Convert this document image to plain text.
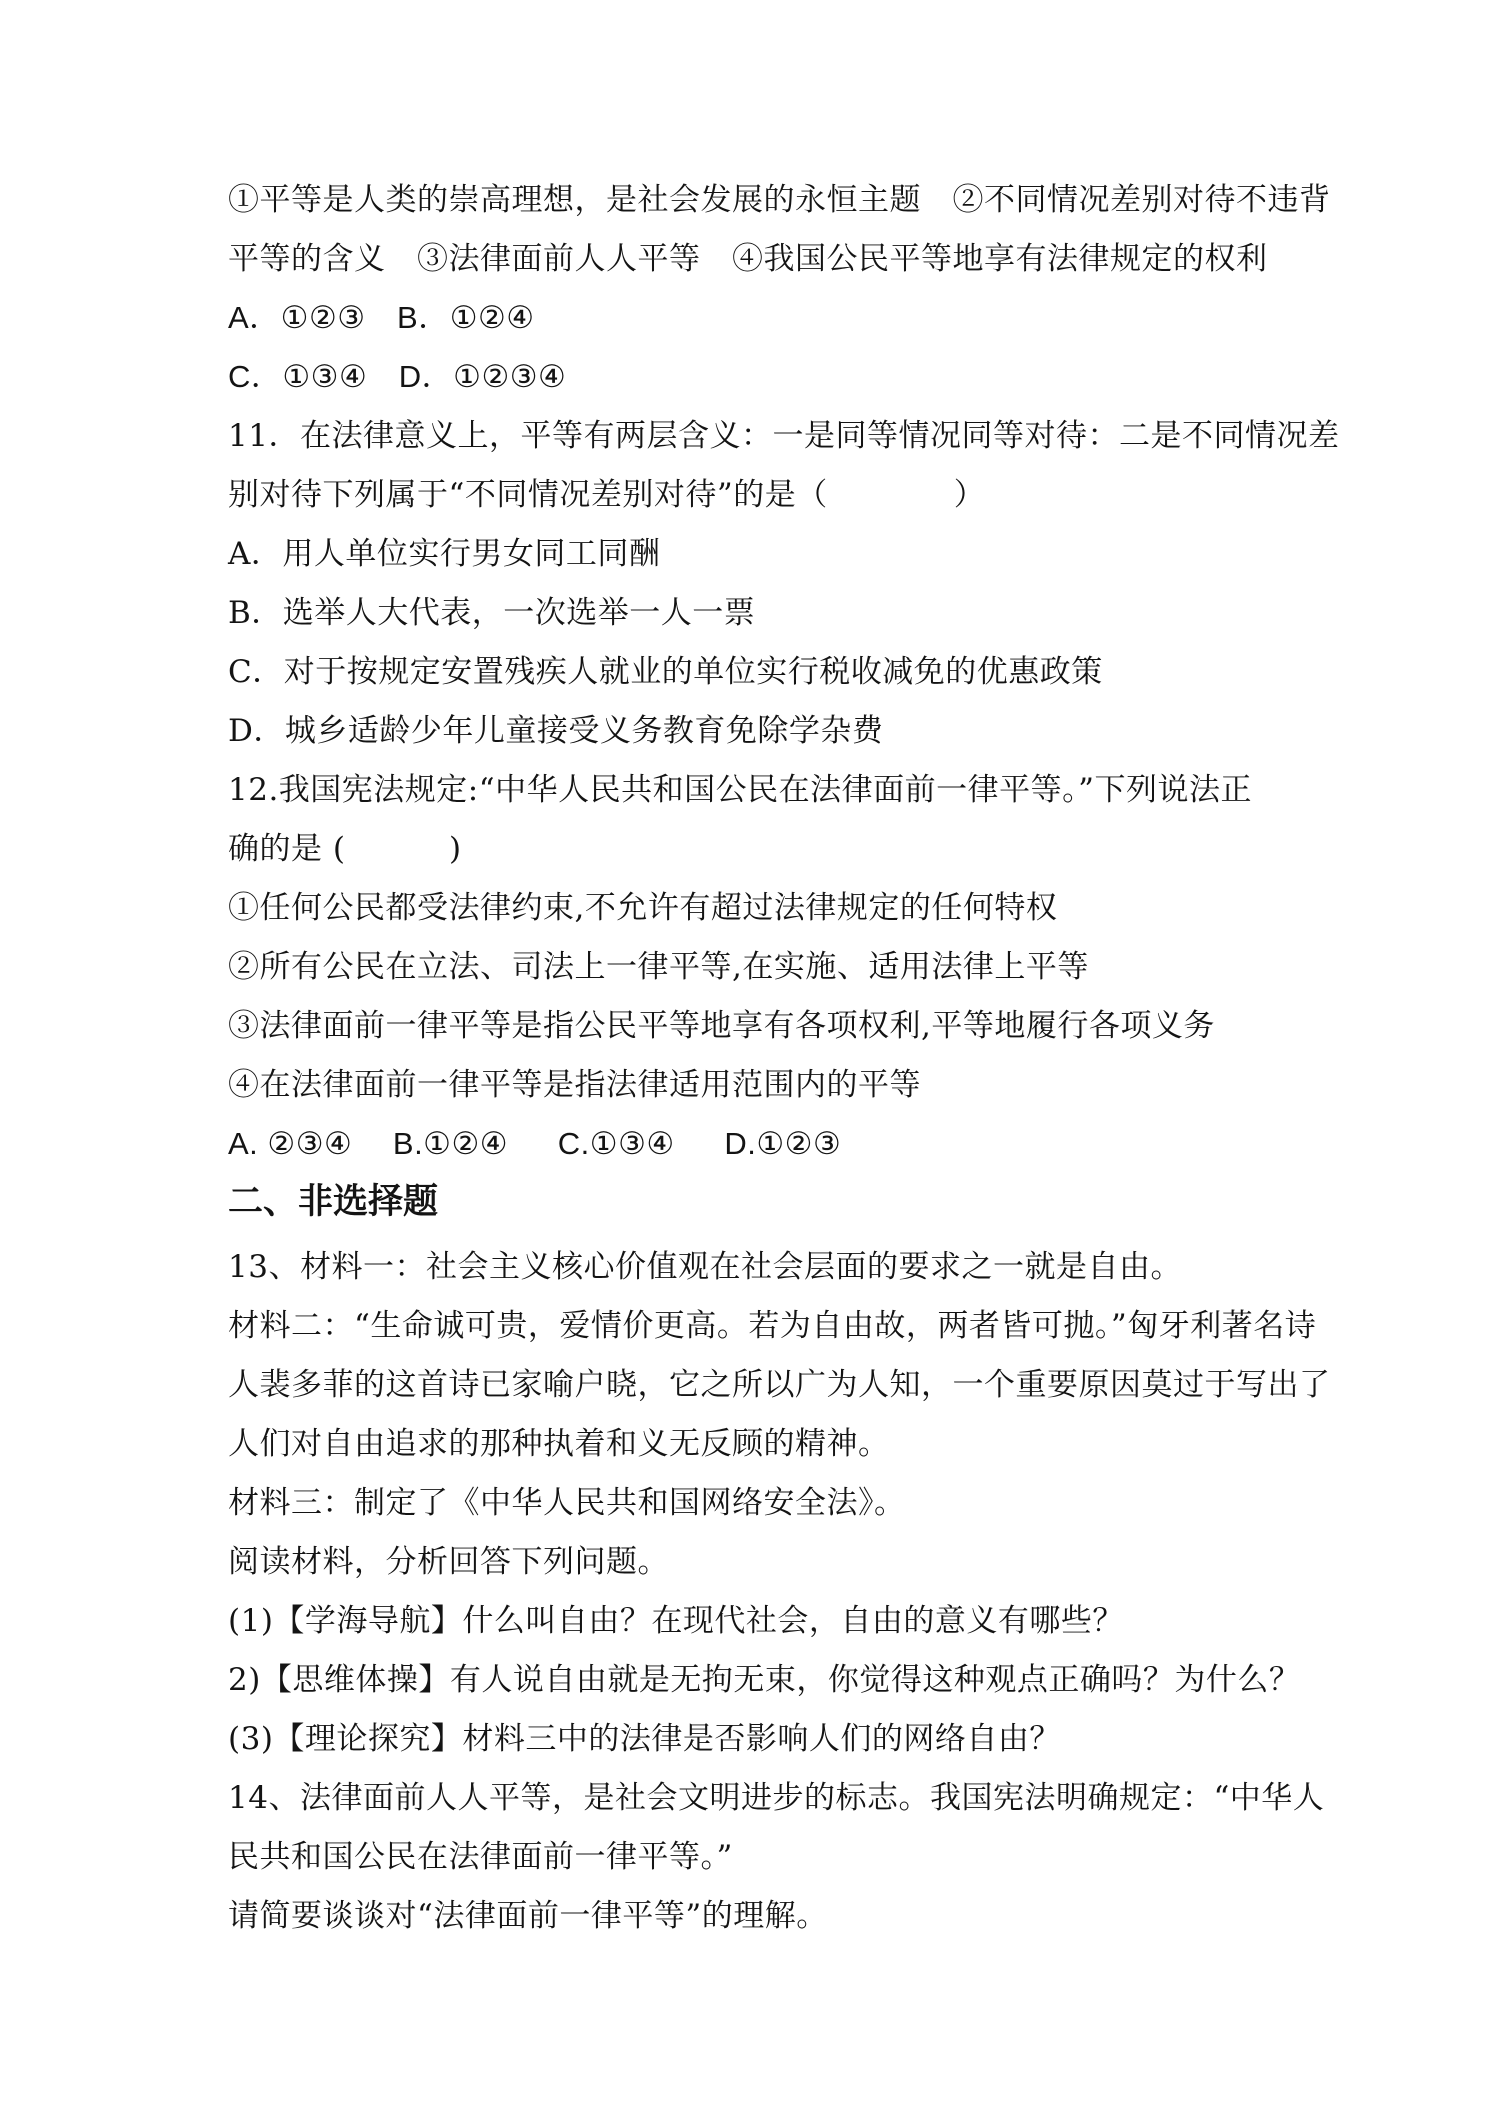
①平等是人类的崇高理想，是社会发展的永恒主题　②不同情况差别对待不违背

平等的含义　③法律面前人人平等　④我国公民平等地享有法律规定的权利

A．①②③　B．①②④

C．①③④　D．①②③④

11．在法律意义上，平等有两层含义：一是同等情况同等对待：二是不同情况差

别对待下列属于“不同情况差别对待”的是（　　　　）

A．用人单位实行男女同工同酬

B．选举人大代表，一次选举一人一票

C．对于按规定安置残疾人就业的单位实行税收减免的优惠政策

D．城乡适龄少年儿童接受义务教育免除学杂费

12.我国宪法规定:“中华人民共和国公民在法律面前一律平等。”下列说法正

确的是 (          )

①任何公民都受法律约束,不允许有超过法律规定的任何特权

②所有公民在立法、司法上一律平等,在实施、适用法律上平等

③法律面前一律平等是指公民平等地享有各项权利,平等地履行各项义务

④在法律面前一律平等是指法律适用范围内的平等

A. ②③④　 B.①②④　  C.①③④　  D.①②③

二、非选择题

13、材料一：社会主义核心价值观在社会层面的要求之一就是自由。

材料二：“生命诚可贵，爱情价更高。若为自由故，两者皆可抛。”匈牙利著名诗

人裴多菲的这首诗已家喻户晓，它之所以广为人知，一个重要原因莫过于写出了

人们对自由追求的那种执着和义无反顾的精神。

材料三：制定了《中华人民共和国网络安全法》。

阅读材料，分析回答下列问题。

(1)【学海导航】什么叫自由？在现代社会，自由的意义有哪些？

2)【思维体操】有人说自由就是无拘无束，你觉得这种观点正确吗？为什么？

(3)【理论探究】材料三中的法律是否影响人们的网络自由？

14、法律面前人人平等，是社会文明进步的标志。我国宪法明确规定：“中华人

民共和国公民在法律面前一律平等。”

请简要谈谈对“法律面前一律平等”的理解。
